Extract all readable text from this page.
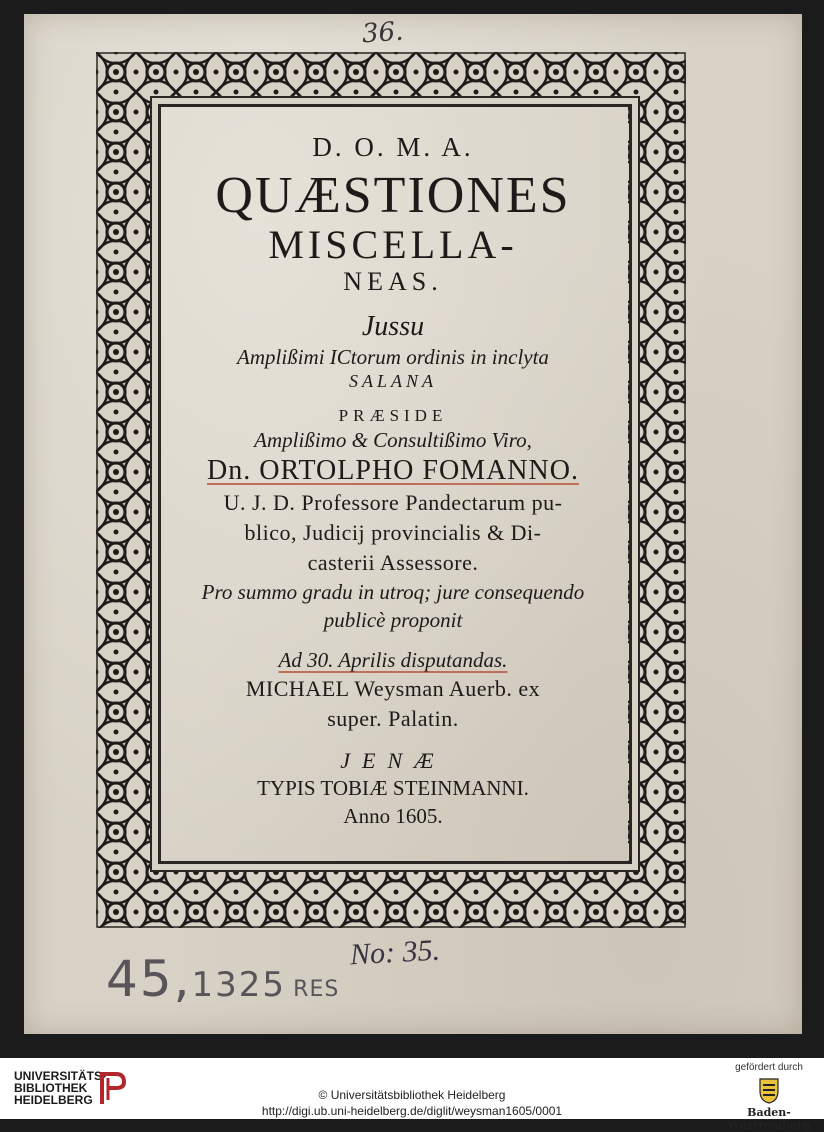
36.
D. O. M. A.
QUÆSTIONES
MISCELLA-
NEAS.
Jussu
Amplißimi ICtorum ordinis in inclyta
SALANA
PRÆSIDE
Amplißimo & Consultißimo Viro,
Dn. ORTOLPHO FOMANNO.
U. J. D. Professore Pandectarum pu-
blico, Judicij provincialis & Di-
casterii Assessore.
Pro summo gradu in utroq; jure consequendo
publicè proponit
Ad 30. Aprilis disputandas.
MICHAEL Weysman Auerb. ex
super. Palatin.
JENÆ
TYPIS TOBIÆ STEINMANNI.
Anno 1605.
No: 35.
45,1325 RES
UNIVERSITÄTS-
BIBLIOTHEK
HEIDELBERG	© Universitätsbibliothek Heidelberg
http://digi.ub.uni-heidelberg.de/diglit/weysman1605/0001
gefördert durch
Baden-Württemberg
